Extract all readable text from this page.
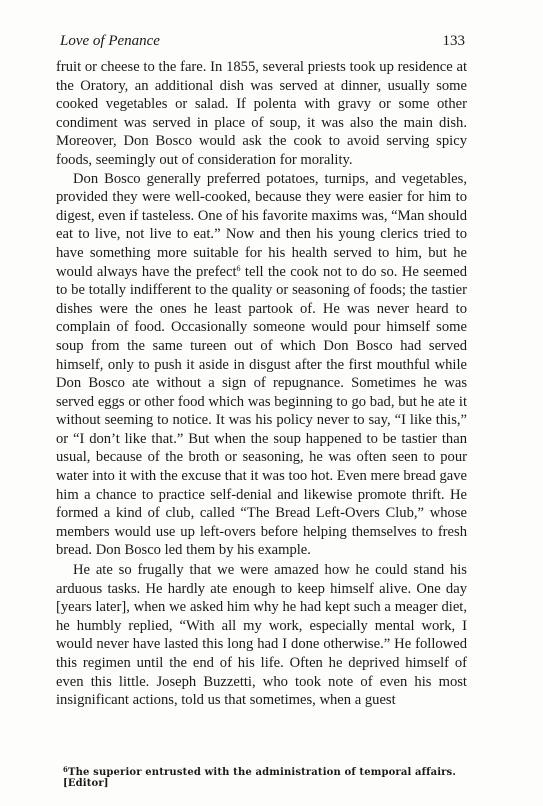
Love of Penance	133

fruit or cheese to the fare. In 1855, several priests took up residence at the Oratory, an additional dish was served at dinner, usually some cooked vegetables or salad. If polenta with gravy or some other condiment was served in place of soup, it was also the main dish. Moreover, Don Bosco would ask the cook to avoid serving spicy foods, seemingly out of consideration for morality.

Don Bosco generally preferred potatoes, turnips, and vegetables, provided they were well-cooked, because they were easier for him to digest, even if tasteless. One of his favorite maxims was, “Man should eat to live, not live to eat.” Now and then his young clerics tried to have something more suitable for his health served to him, but he would always have the prefect$^6$ tell the cook not to do so. He seemed to be totally indifferent to the quality or seasoning of foods; the tastier dishes were the ones he least partook of. He was never heard to complain of food. Occasionally someone would pour himself some soup from the same tureen out of which Don Bosco had served himself, only to push it aside in disgust after the first mouthful while Don Bosco ate without a sign of repugnance. Sometimes he was served eggs or other food which was beginning to go bad, but he ate it without seeming to notice. It was his policy never to say, “I like this,” or “I don’t like that.” But when the soup happened to be tastier than usual, because of the broth or seasoning, he was often seen to pour water into it with the excuse that it was too hot. Even mere bread gave him a chance to practice self-denial and likewise promote thrift. He formed a kind of club, called “The Bread Left-Overs Club,” whose members would use up left-overs before helping themselves to fresh bread. Don Bosco led them by his example.

He ate so frugally that we were amazed how he could stand his arduous tasks. He hardly ate enough to keep himself alive. One day [years later], when we asked him why he had kept such a meager diet, he humbly replied, “With all my work, especially mental work, I would never have lasted this long had I done otherwise.” He followed this regimen until the end of his life. Often he deprived himself of even this little. Joseph Buzzetti, who took note of even his most insignificant actions, told us that sometimes, when a guest

$^6$The superior entrusted with the administration of temporal affairs. [Editor]
